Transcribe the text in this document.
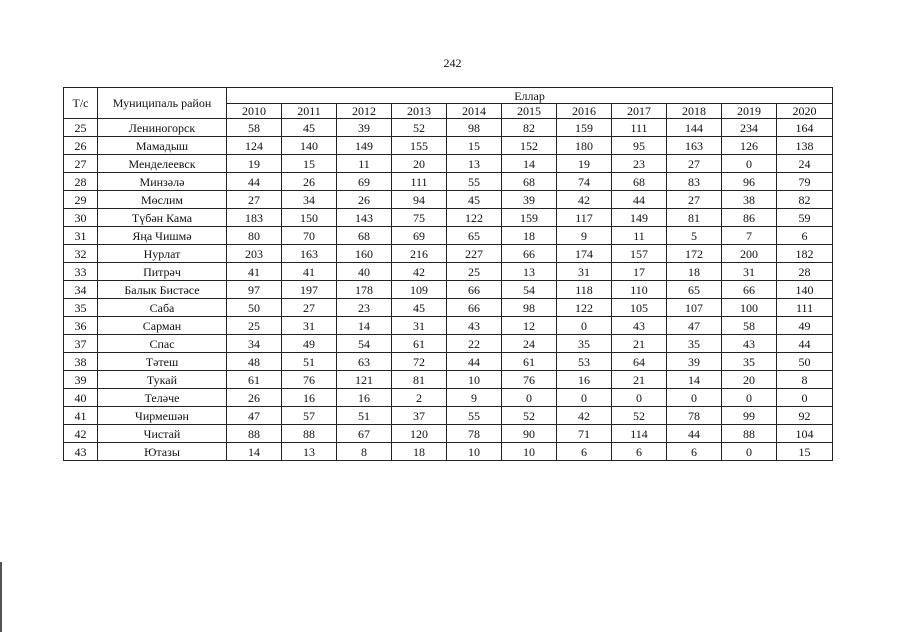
242
Т/с	Муниципаль район	Еллар										
		2010	2011	2012	2013	2014	2015	2016	2017	2018	2019	2020
25	Лениногорск	58	45	39	52	98	82	159	111	144	234	164
26	Мамадыш	124	140	149	155	15	152	180	95	163	126	138
27	Менделеевск	19	15	11	20	13	14	19	23	27	0	24
28	Минзәлә	44	26	69	111	55	68	74	68	83	96	79
29	Мөслим	27	34	26	94	45	39	42	44	27	38	82
30	Түбән Кама	183	150	143	75	122	159	117	149	81	86	59
31	Яңа Чишмә	80	70	68	69	65	18	9	11	5	7	6
32	Нурлат	203	163	160	216	227	66	174	157	172	200	182
33	Питрәч	41	41	40	42	25	13	31	17	18	31	28
34	Балык Бистәсе	97	197	178	109	66	54	118	110	65	66	140
35	Саба	50	27	23	45	66	98	122	105	107	100	111
36	Сарман	25	31	14	31	43	12	0	43	47	58	49
37	Спас	34	49	54	61	22	24	35	21	35	43	44
38	Тәтеш	48	51	63	72	44	61	53	64	39	35	50
39	Тукай	61	76	121	81	10	76	16	21	14	20	8
40	Теләче	26	16	16	2	9	0	0	0	0	0	0
41	Чирмешән	47	57	51	37	55	52	42	52	78	99	92
42	Чистай	88	88	67	120	78	90	71	114	44	88	104
43	Ютазы	14	13	8	18	10	10	6	6	6	0	15
